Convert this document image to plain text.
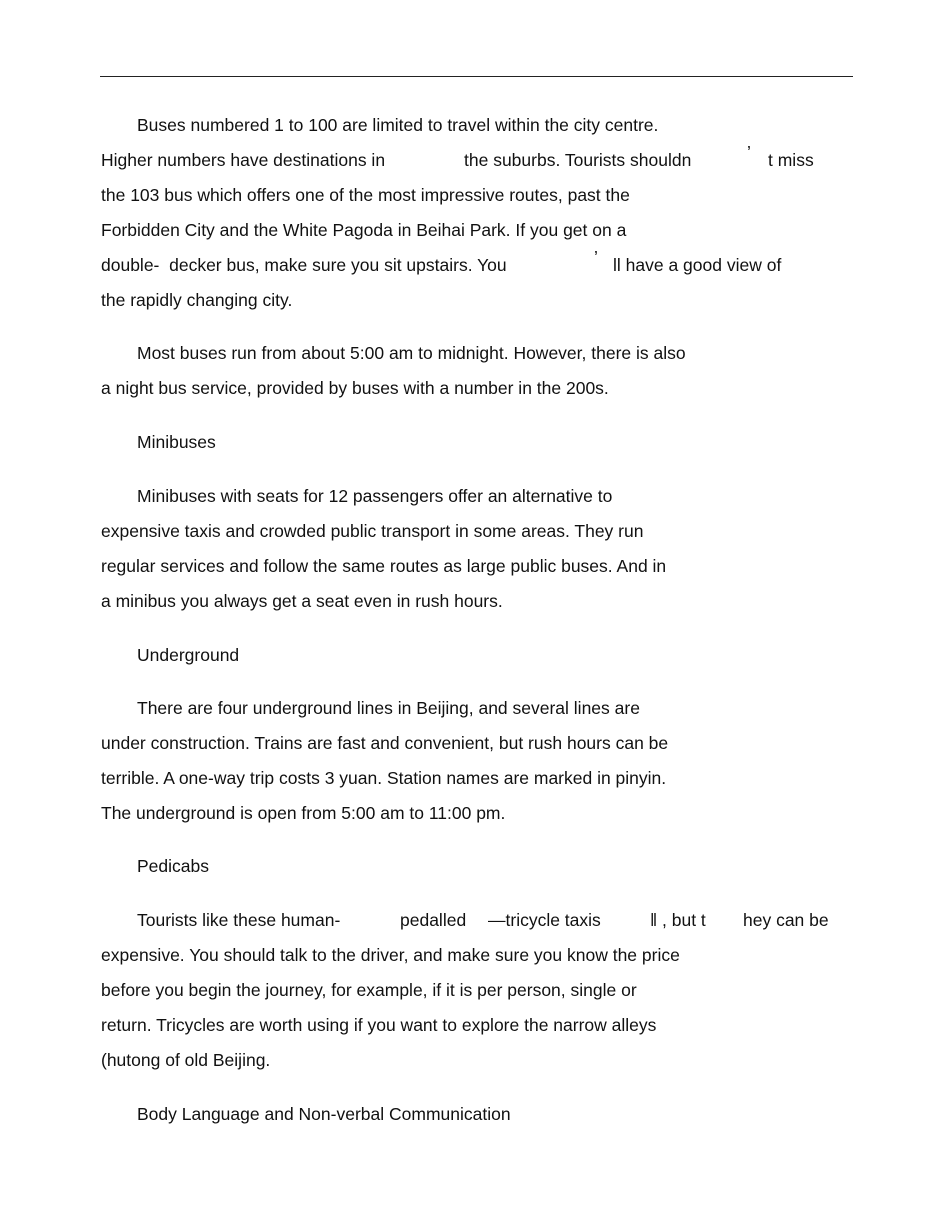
Buses numbered 1 to 100 are limited to travel within the city centre.
Higher numbers have destinations in	the suburbs. Tourists shouldn	’ t miss
the 103 bus which offers one of the most impressive routes, past the
Forbidden City and the White Pagoda in Beihai Park. If you get on a
double-  decker bus, make sure you sit upstairs. You	’ ll have a good view of
the rapidly changing city.
Most buses run from about 5:00 am to midnight. However, there is also
a night bus service, provided by buses with a number in the 200s.
Minibuses
Minibuses with seats for 12 passengers offer an alternative to
expensive taxis and crowded public transport in some areas. They run
regular services and follow the same routes as large public buses. And in
a minibus you always get a seat even in rush hours.
Underground
There are four underground lines in Beijing, and several lines are
under construction. Trains are fast and convenient, but rush hours can be
terrible. A one-way trip costs 3 yuan. Station names are marked in pinyin.
The underground is open from 5:00 am to 11:00 pm.
Pedicabs
Tourists like these human-	pedalled —tricycle taxis	‖ , but t hey can be
expensive. You should talk to the driver, and make sure you know the price
before you begin the journey, for example, if it is per person, single or
return. Tricycles are worth using if you want to explore the narrow alleys
(hutong of old Beijing.
Body Language and Non-verbal Communication
